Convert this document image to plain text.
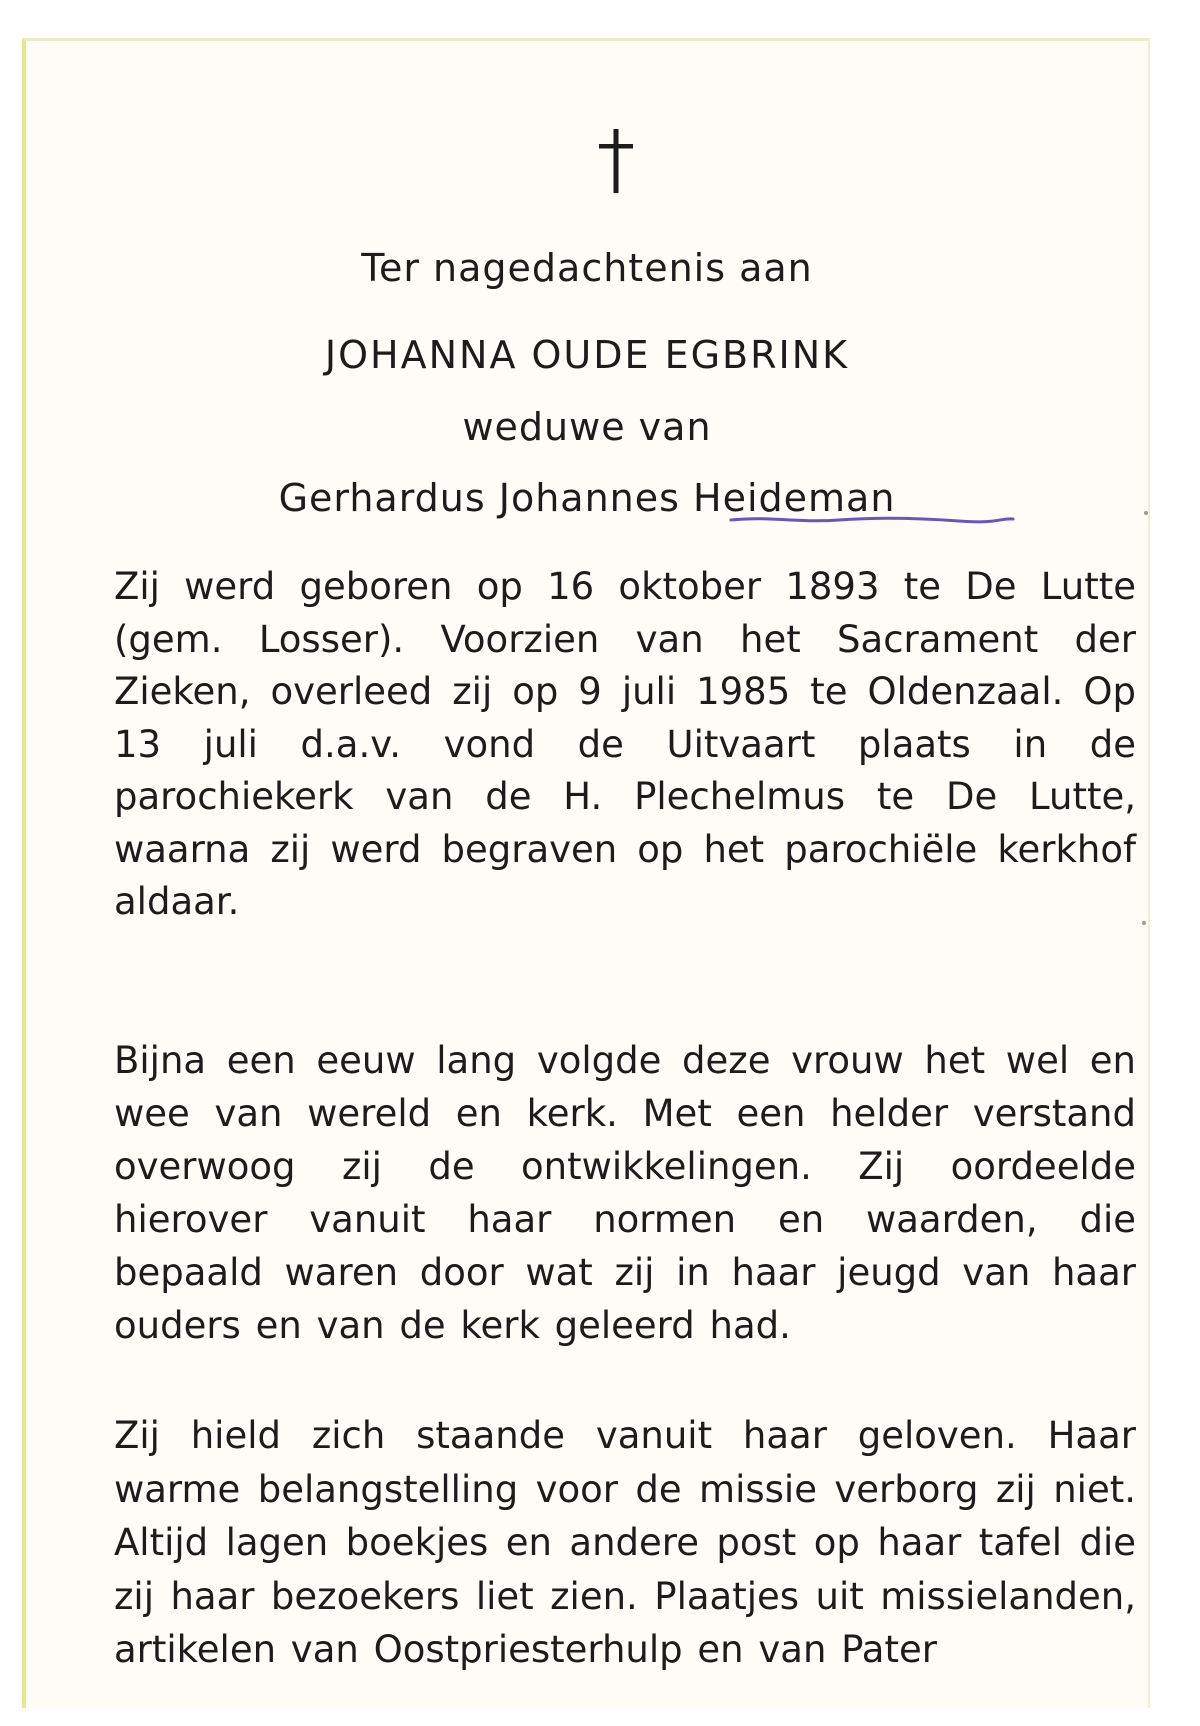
Ter nagedachtenis aan
JOHANNA OUDE EGBRINK
weduwe van
Gerhardus Johannes Heideman

Zij werd geboren op 16 oktober 1893 te De Lutte (gem. Losser). Voorzien van het Sacrament der Zieken, overleed zij op 9 juli 1985 te Oldenzaal. Op 13 juli d.a.v. vond de Uitvaart plaats in de parochiekerk van de H. Plechelmus te De Lutte, waarna zij werd begraven op het parochiële kerkhof aldaar.

Bijna een eeuw lang volgde deze vrouw het wel en wee van wereld en kerk. Met een helder verstand overwoog zij de ontwikkelingen. Zij oordeelde hierover vanuit haar normen en waarden, die bepaald waren door wat zij in haar jeugd van haar ouders en van de kerk geleerd had.

Zij hield zich staande vanuit haar geloven. Haar warme belangstelling voor de missie verborg zij niet. Altijd lagen boekjes en andere post op haar tafel die zij haar bezoekers liet zien. Plaatjes uit missielanden, artikelen van Oostpriesterhulp en van Pater
